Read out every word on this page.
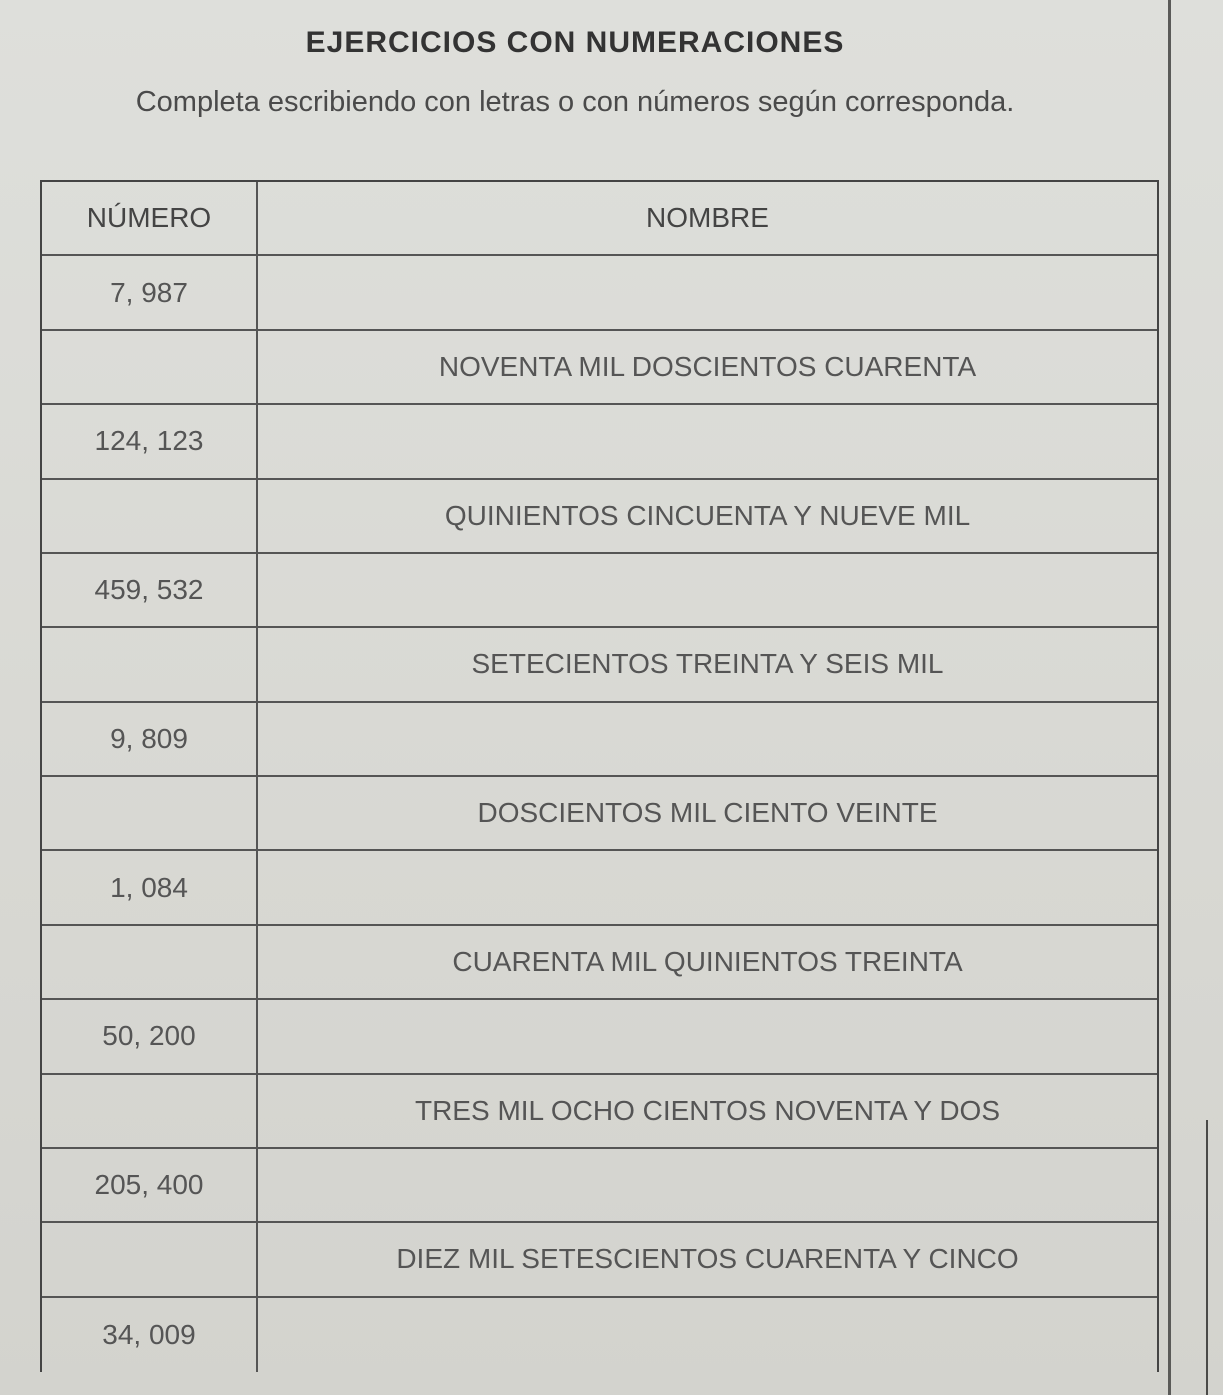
EJERCICIOS CON NUMERACIONES
Completa escribiendo con letras o con números según corresponda.
NÚMERO	NOMBRE
7, 987
NOVENTA MIL DOSCIENTOS CUARENTA
124, 123
QUINIENTOS CINCUENTA Y NUEVE MIL
459, 532
SETECIENTOS TREINTA Y SEIS MIL
9, 809
DOSCIENTOS MIL CIENTO VEINTE
1, 084
CUARENTA MIL QUINIENTOS TREINTA
50, 200
TRES MIL OCHO CIENTOS NOVENTA Y DOS
205, 400
DIEZ MIL SETESCIENTOS CUARENTA Y CINCO
34, 009
